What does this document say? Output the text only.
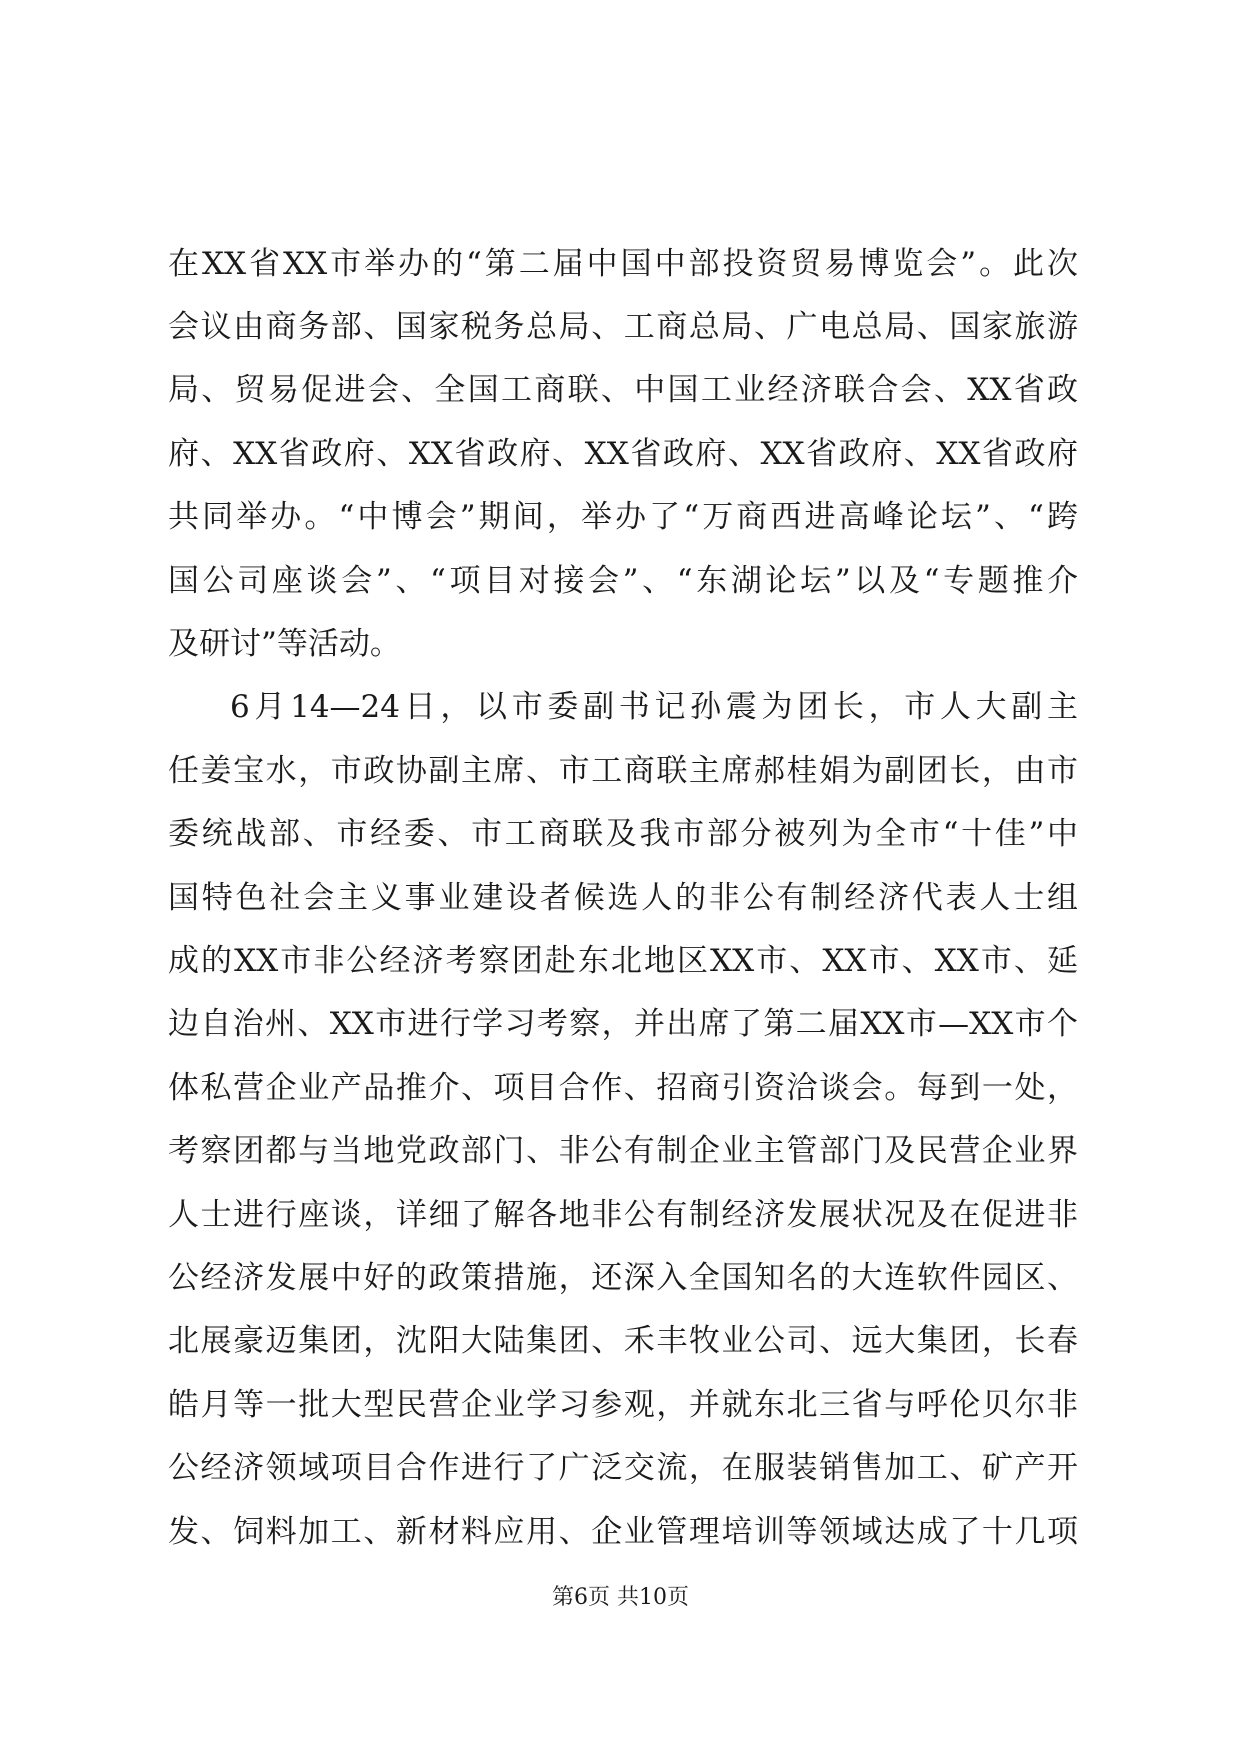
在XX省XX市举办的“第二届中国中部投资贸易博览会”。此次
会议由商务部、国家税务总局、工商总局、广电总局、国家旅游
局、贸易促进会、全国工商联、中国工业经济联合会、XX省政
府、XX省政府、XX省政府、XX省政府、XX省政府、XX省政府
共同举办。“中博会”期间，举办了“万商西进高峰论坛”、“跨
国公司座谈会”、“项目对接会”、“东湖论坛”以及“专题推介
及研讨”等活动。
6月14—24日，以市委副书记孙震为团长，市人大副主
任姜宝水，市政协副主席、市工商联主席郝桂娟为副团长，由市
委统战部、市经委、市工商联及我市部分被列为全市“十佳”中
国特色社会主义事业建设者候选人的非公有制经济代表人士组
成的XX市非公经济考察团赴东北地区XX市、XX市、XX市、延
边自治州、XX市进行学习考察，并出席了第二届XX市—XX市个
体私营企业产品推介、项目合作、招商引资洽谈会。每到一处，
考察团都与当地党政部门、非公有制企业主管部门及民营企业界
人士进行座谈，详细了解各地非公有制经济发展状况及在促进非
公经济发展中好的政策措施，还深入全国知名的大连软件园区、
北展豪迈集团，沈阳大陆集团、禾丰牧业公司、远大集团，长春
皓月等一批大型民营企业学习参观，并就东北三省与呼伦贝尔非
公经济领域项目合作进行了广泛交流，在服装销售加工、矿产开
发、饲料加工、新材料应用、企业管理培训等领域达成了十几项
第6页 共10页
